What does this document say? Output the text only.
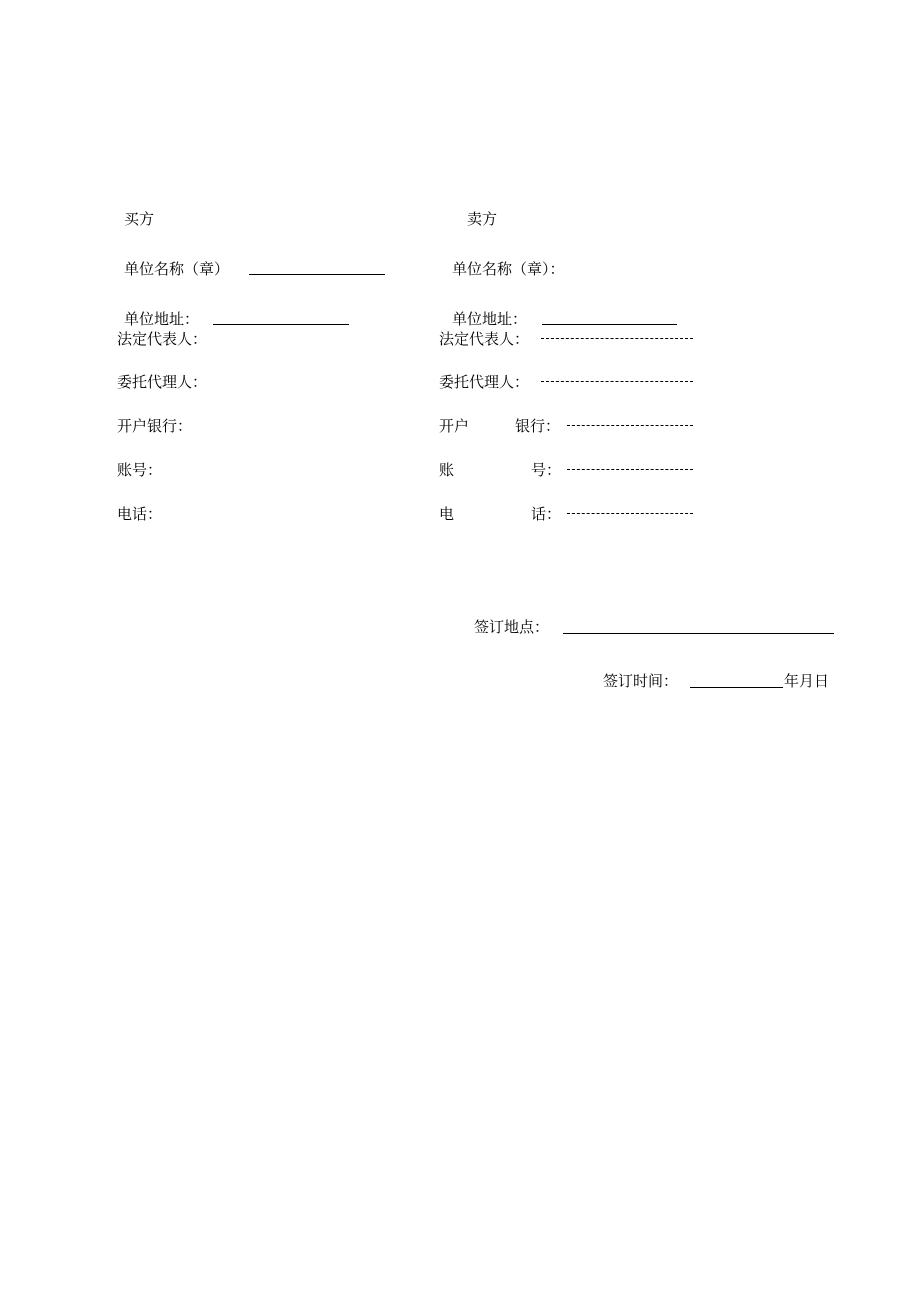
买方
单位名称（章）
单位地址：
法定代表人：
委托代理人：
开户银行：
账号：
电话：
卖方
单位名称（章）：
单位地址：
法定代表人：
委托代理人：
开户	银行：
账	号：
电	话：
签订地点：
签订时间：	年月日
